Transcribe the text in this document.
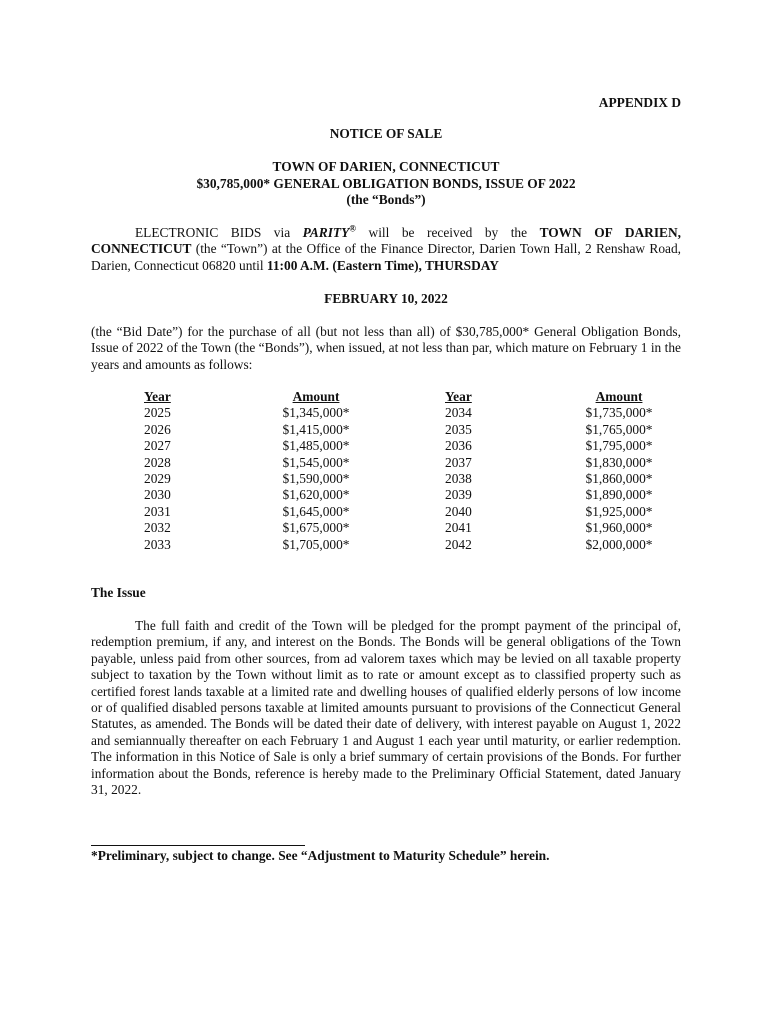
APPENDIX D
NOTICE OF SALE
TOWN OF DARIEN, CONNECTICUT
$30,785,000* GENERAL OBLIGATION BONDS, ISSUE OF 2022
(the “Bonds”)
ELECTRONIC BIDS via PARITY® will be received by the TOWN OF DARIEN, CONNECTICUT (the “Town”) at the Office of the Finance Director, Darien Town Hall, 2 Renshaw Road, Darien, Connecticut 06820 until 11:00 A.M. (Eastern Time), THURSDAY
FEBRUARY 10, 2022
(the “Bid Date”) for the purchase of all (but not less than all) of $30,785,000* General Obligation Bonds, Issue of 2022 of the Town (the “Bonds”), when issued, at not less than par, which mature on February 1 in the years and amounts as follows:
Year
2025
2026
2027
2028
2029
2030
2031
2032
2033
Amount
$1,345,000*
$1,415,000*
$1,485,000*
$1,545,000*
$1,590,000*
$1,620,000*
$1,645,000*
$1,675,000*
$1,705,000*
Year
2034
2035
2036
2037
2038
2039
2040
2041
2042
Amount
$1,735,000*
$1,765,000*
$1,795,000*
$1,830,000*
$1,860,000*
$1,890,000*
$1,925,000*
$1,960,000*
$2,000,000*
The Issue
The full faith and credit of the Town will be pledged for the prompt payment of the principal of, redemption premium, if any, and interest on the Bonds. The Bonds will be general obligations of the Town payable, unless paid from other sources, from ad valorem taxes which may be levied on all taxable property subject to taxation by the Town without limit as to rate or amount except as to classified property such as certified forest lands taxable at a limited rate and dwelling houses of qualified elderly persons of low income or of qualified disabled persons taxable at limited amounts pursuant to provisions of the Connecticut General Statutes, as amended. The Bonds will be dated their date of delivery, with interest payable on August 1, 2022 and semiannually thereafter on each February 1 and August 1 each year until maturity, or earlier redemption. The information in this Notice of Sale is only a brief summary of certain provisions of the Bonds. For further information about the Bonds, reference is hereby made to the Preliminary Official Statement, dated January 31, 2022.
*Preliminary, subject to change. See “Adjustment to Maturity Schedule” herein.
